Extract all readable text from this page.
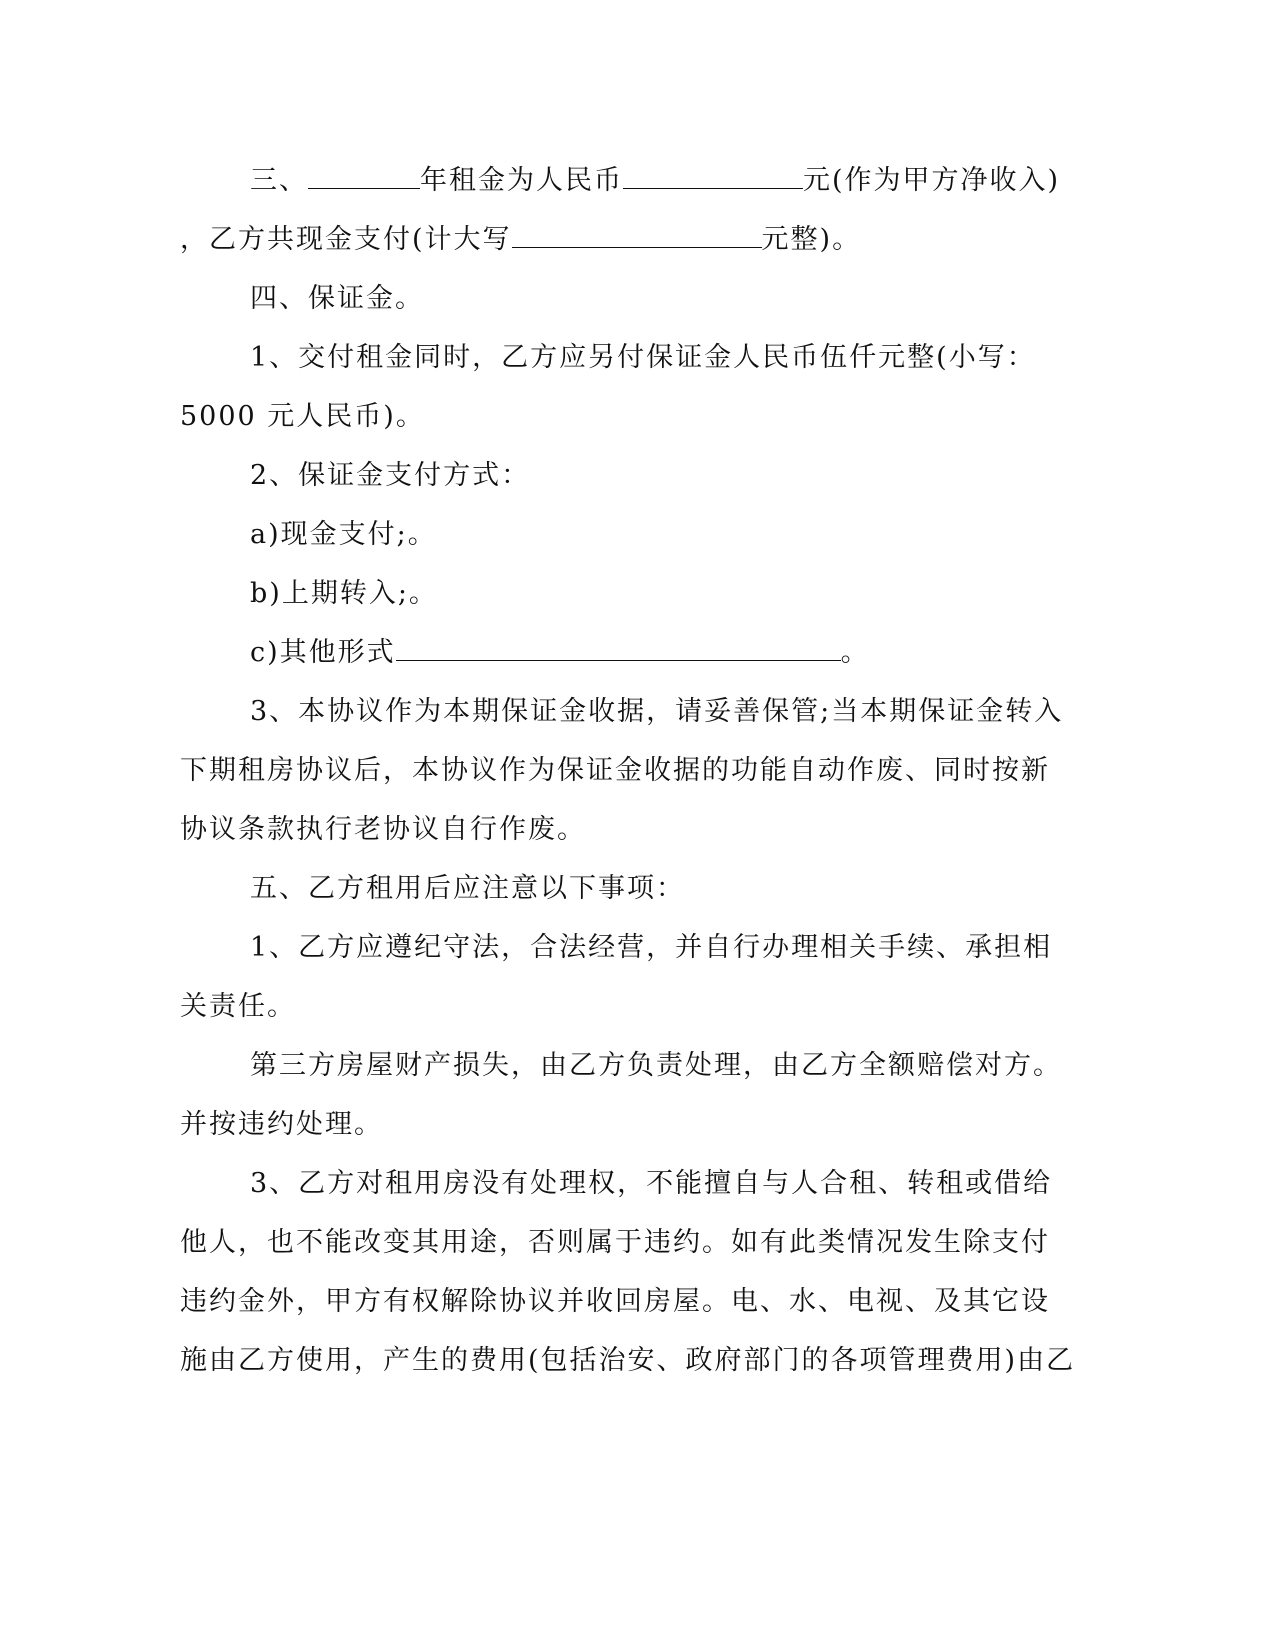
三、	年租金为人民币	元(作为甲方净收入)
，乙方共现金支付(计大写	元整)。
四、保证金。
1、交付租金同时，乙方应另付保证金人民币伍仟元整(小写：
5000 元人民币)。
2、保证金支付方式：
a)现金支付;。
b)上期转入;。
c)其他形式	。
3、本协议作为本期保证金收据，请妥善保管;当本期保证金转入
下期租房协议后，本协议作为保证金收据的功能自动作废、同时按新
协议条款执行老协议自行作废。
五、乙方租用后应注意以下事项：
1、乙方应遵纪守法，合法经营，并自行办理相关手续、承担相
关责任。
第三方房屋财产损失，由乙方负责处理，由乙方全额赔偿对方。
并按违约处理。
3、乙方对租用房没有处理权，不能擅自与人合租、转租或借给
他人，也不能改变其用途，否则属于违约。如有此类情况发生除支付
违约金外，甲方有权解除协议并收回房屋。电、水、电视、及其它设
施由乙方使用，产生的费用(包括治安、政府部门的各项管理费用)由乙
